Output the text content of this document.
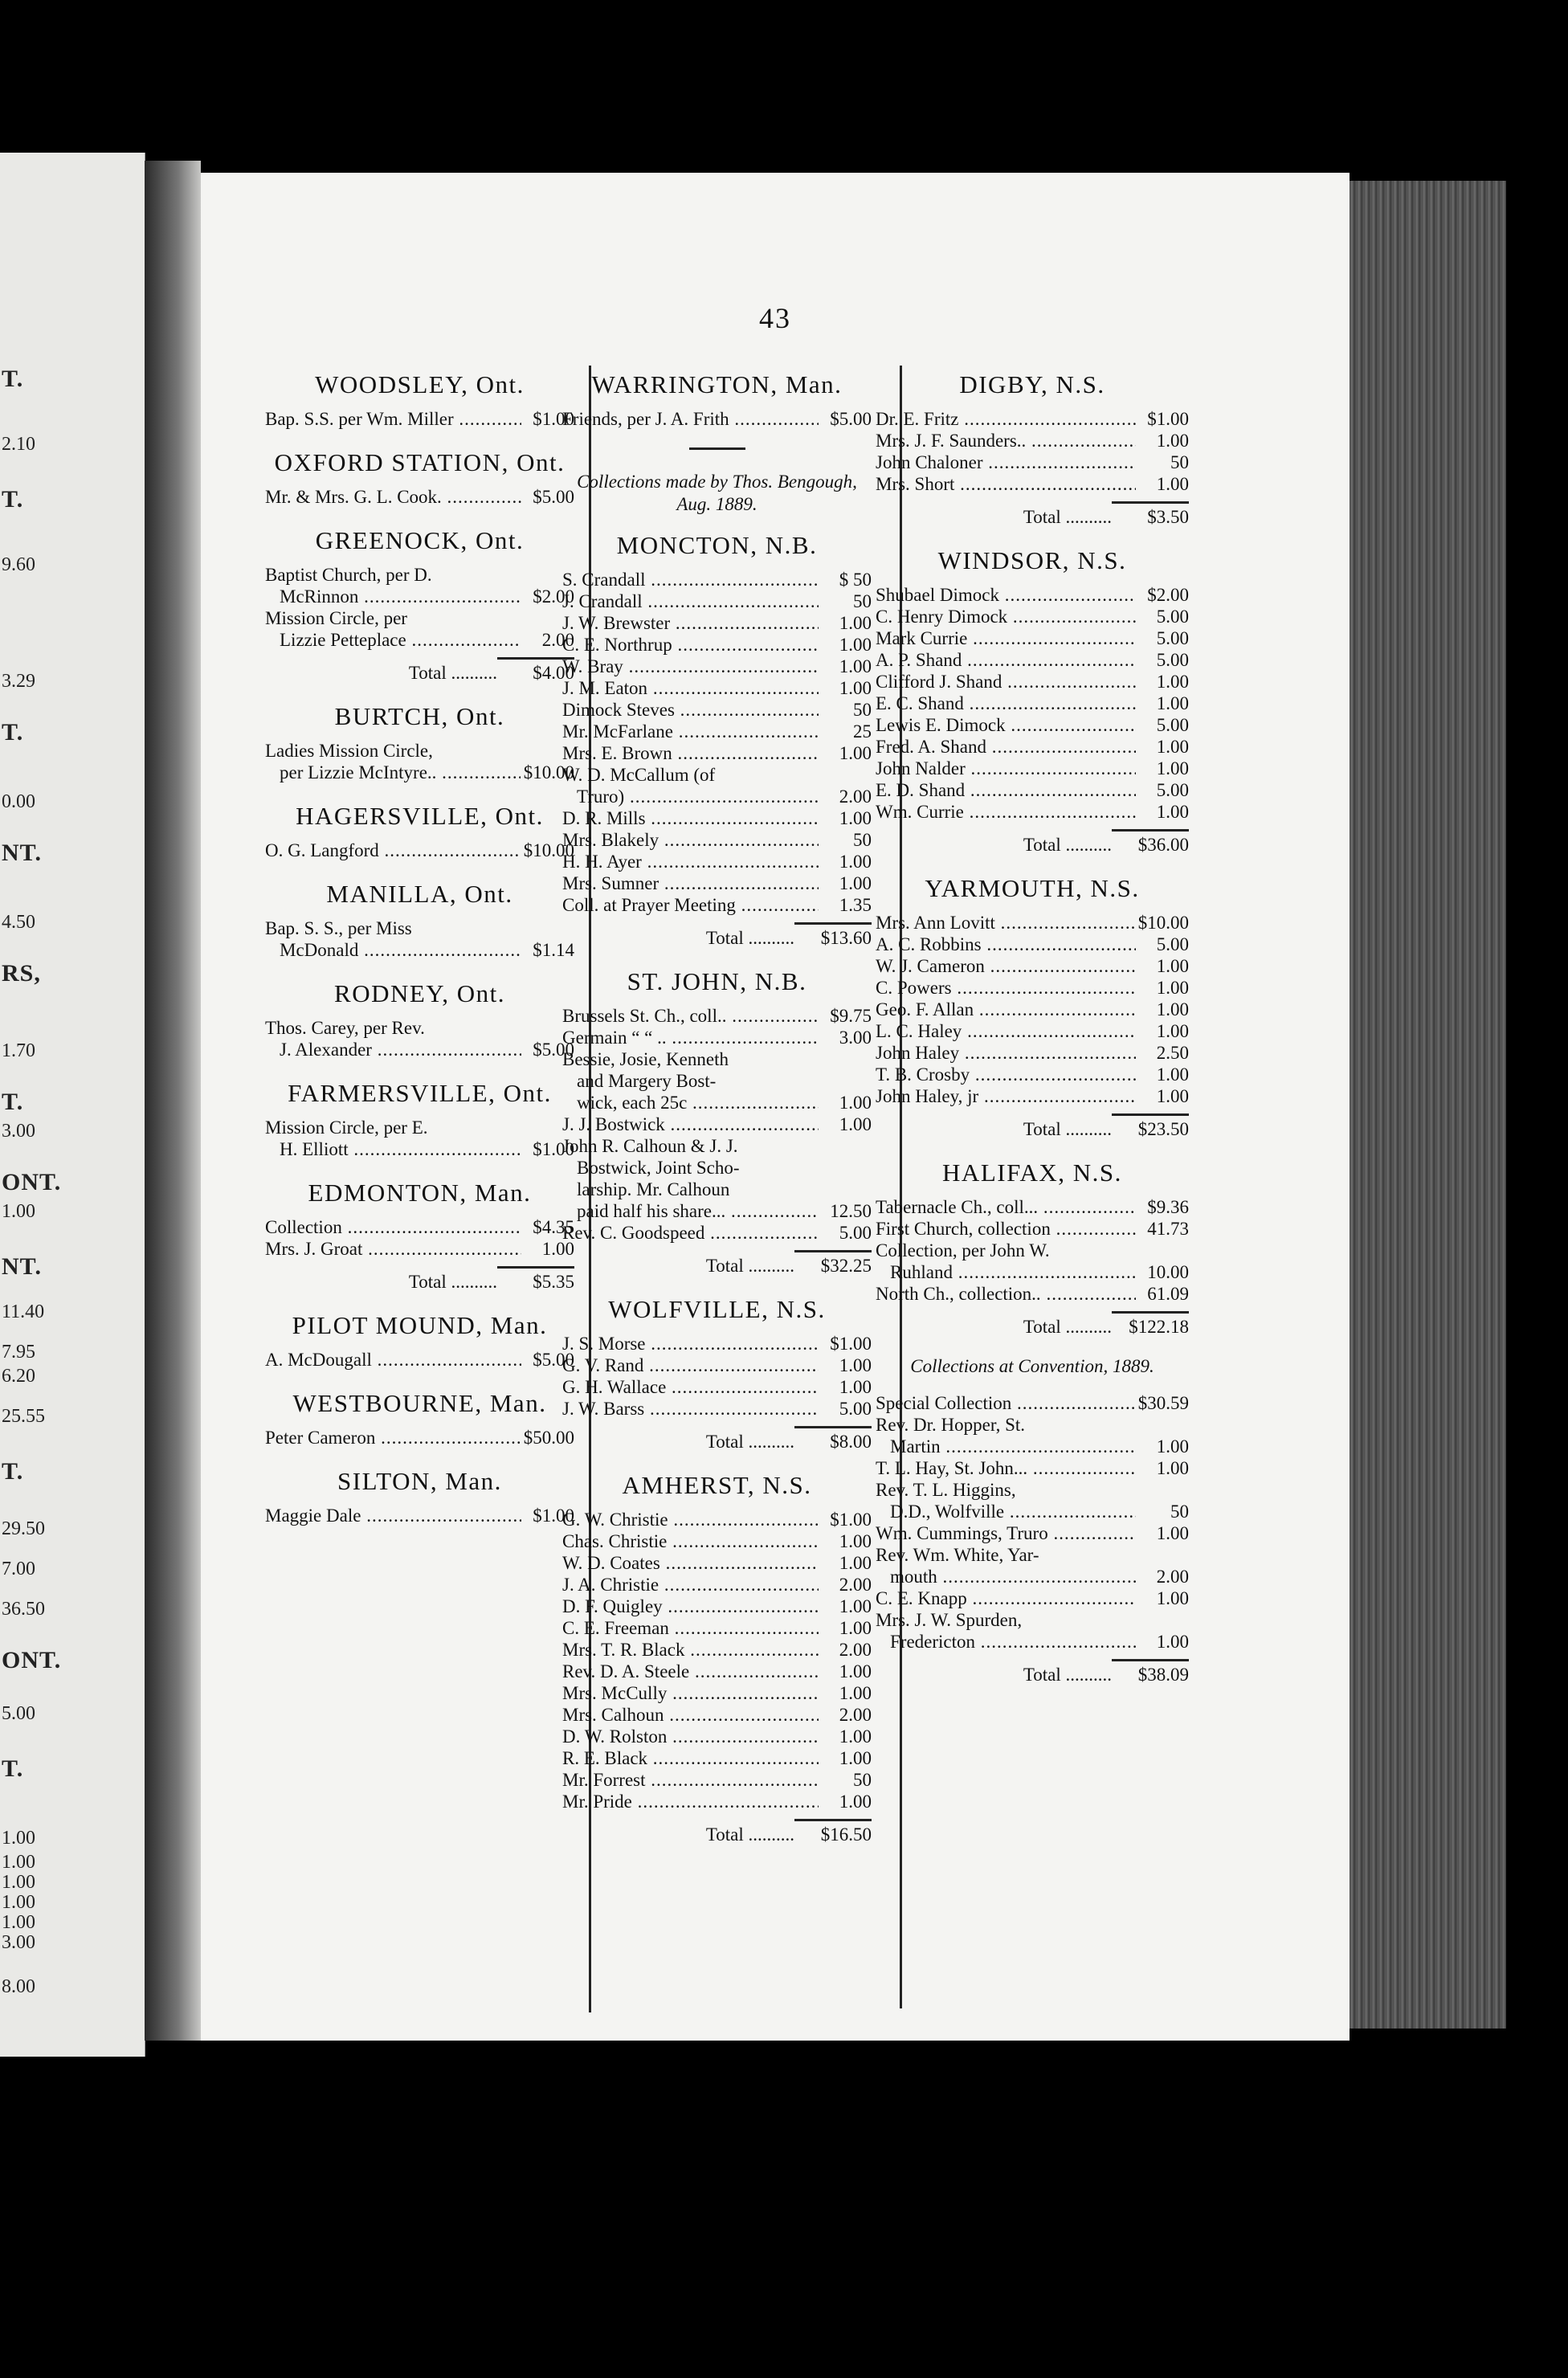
T.
2.10
T.
9.60
3.29
T.
0.00
NT.
4.50
RS,
1.70
T.
3.00
ONT.
1.00
NT.
11.40
7.95
6.20
25.55
T.
29.50
7.00
36.50
ONT.
5.00
T.
1.00
1.00
1.00
1.00
1.00
3.00
8.00
43
WOODSLEY, Ont.
Bap. S.S. per Wm. Miller .....	$1.00
OXFORD STATION, Ont.
Mr. & Mrs. G. L. Cook. .....	$5.00
GREENOCK, Ont.
Baptist Church, per D.
McRinnon .....	$2.00
Mission Circle, per
Lizzie Petteplace .....	2.00
Total .....	$4.00
BURTCH, Ont.
Ladies Mission Circle,
per Lizzie McIntyre.. .....	$10.00
HAGERSVILLE, Ont.
O. G. Langford .....	$10.00
MANILLA, Ont.
Bap. S. S., per Miss
McDonald .....	$1.14
RODNEY, Ont.
Thos. Carey, per Rev.
J. Alexander .....	$5.00
FARMERSVILLE, Ont.
Mission Circle, per E.
H. Elliott .....	$1.00
EDMONTON, Man.
Collection .....	$4.35
Mrs. J. Groat .....	1.00
Total .....	$5.35
PILOT MOUND, Man.
A. McDougall .....	$5.00
WESTBOURNE, Man.
Peter Cameron .....	$50.00
SILTON, Man.
Maggie Dale .....	$1.00
WARRINGTON, Man.
Friends, per J. A. Frith .....	$5.00
Collections made by Thos. Bengough, Aug. 1889.
MONCTON, N.B.
S. Crandall .....	$ 50
J. Crandall .....	50
J. W. Brewster .....	1.00
C. E. Northrup .....	1.00
W. Bray .....	1.00
J. M. Eaton .....	1.00
Dimock Steves .....	50
Mr. McFarlane .....	25
Mrs. E. Brown .....	1.00
W. D. McCallum (of
Truro) .....	2.00
D. R. Mills .....	1.00
Mrs. Blakely .....	50
H. H. Ayer .....	1.00
Mrs. Sumner .....	1.00
Coll. at Prayer Meeting .....	1.35
Total .....	$13.60
ST. JOHN, N.B.
Brussels St. Ch., coll.. .....	$9.75
Germain “ “ .. .....	3.00
Bessie, Josie, Kenneth
and Margery Bost-
wick, each 25c .....	1.00
J. J. Bostwick .....	1.00
John R. Calhoun & J. J.
Bostwick, Joint Scho-
larship. Mr. Calhoun
paid half his share... .....	12.50
Rev. C. Goodspeed .....	5.00
Total .....	$32.25
WOLFVILLE, N.S.
J. S. Morse .....	$1.00
G. V. Rand .....	1.00
G. H. Wallace .....	1.00
J. W. Barss .....	5.00
Total .....	$8.00
AMHERST, N.S.
G. W. Christie .....	$1.00
Chas. Christie .....	1.00
W. D. Coates .....	1.00
J. A. Christie .....	2.00
D. F. Quigley .....	1.00
C. E. Freeman .....	1.00
Mrs. T. R. Black .....	2.00
Rev. D. A. Steele .....	1.00
Mrs. McCully .....	1.00
Mrs. Calhoun .....	2.00
D. W. Rolston .....	1.00
R. E. Black .....	1.00
Mr. Forrest .....	50
Mr. Pride .....	1.00
Total .....	$16.50
DIGBY, N.S.
Dr. E. Fritz .....	$1.00
Mrs. J. F. Saunders.. .....	1.00
John Chaloner .....	50
Mrs. Short .....	1.00
Total .....	$3.50
WINDSOR, N.S.
Shubael Dimock .....	$2.00
C. Henry Dimock .....	5.00
Mark Currie .....	5.00
A. P. Shand .....	5.00
Clifford J. Shand .....	1.00
E. C. Shand .....	1.00
Lewis E. Dimock .....	5.00
Fred. A. Shand .....	1.00
John Nalder .....	1.00
E. D. Shand .....	5.00
Wm. Currie .....	1.00
Total .....	$36.00
YARMOUTH, N.S.
Mrs. Ann Lovitt .....	$10.00
A. C. Robbins .....	5.00
W. J. Cameron .....	1.00
C. Powers .....	1.00
Geo. F. Allan .....	1.00
L. C. Haley .....	1.00
John Haley .....	2.50
T. B. Crosby .....	1.00
John Haley, jr .....	1.00
Total .....	$23.50
HALIFAX, N.S.
Tabernacle Ch., coll... .....	$9.36
First Church, collection .....	41.73
Collection, per John W.
Ruhland .....	10.00
North Ch., collection.. .....	61.09
Total .....	$122.18
Collections at Convention, 1889.
Special Collection .....	$30.59
Rev. Dr. Hopper, St.
Martin .....	1.00
T. L. Hay, St. John... .....	1.00
Rev. T. L. Higgins,
D.D., Wolfville .....	50
Wm. Cummings, Truro .....	1.00
Rev. Wm. White, Yar-
mouth .....	2.00
C. E. Knapp .....	1.00
Mrs. J. W. Spurden,
Fredericton .....	1.00
Total .....	$38.09
